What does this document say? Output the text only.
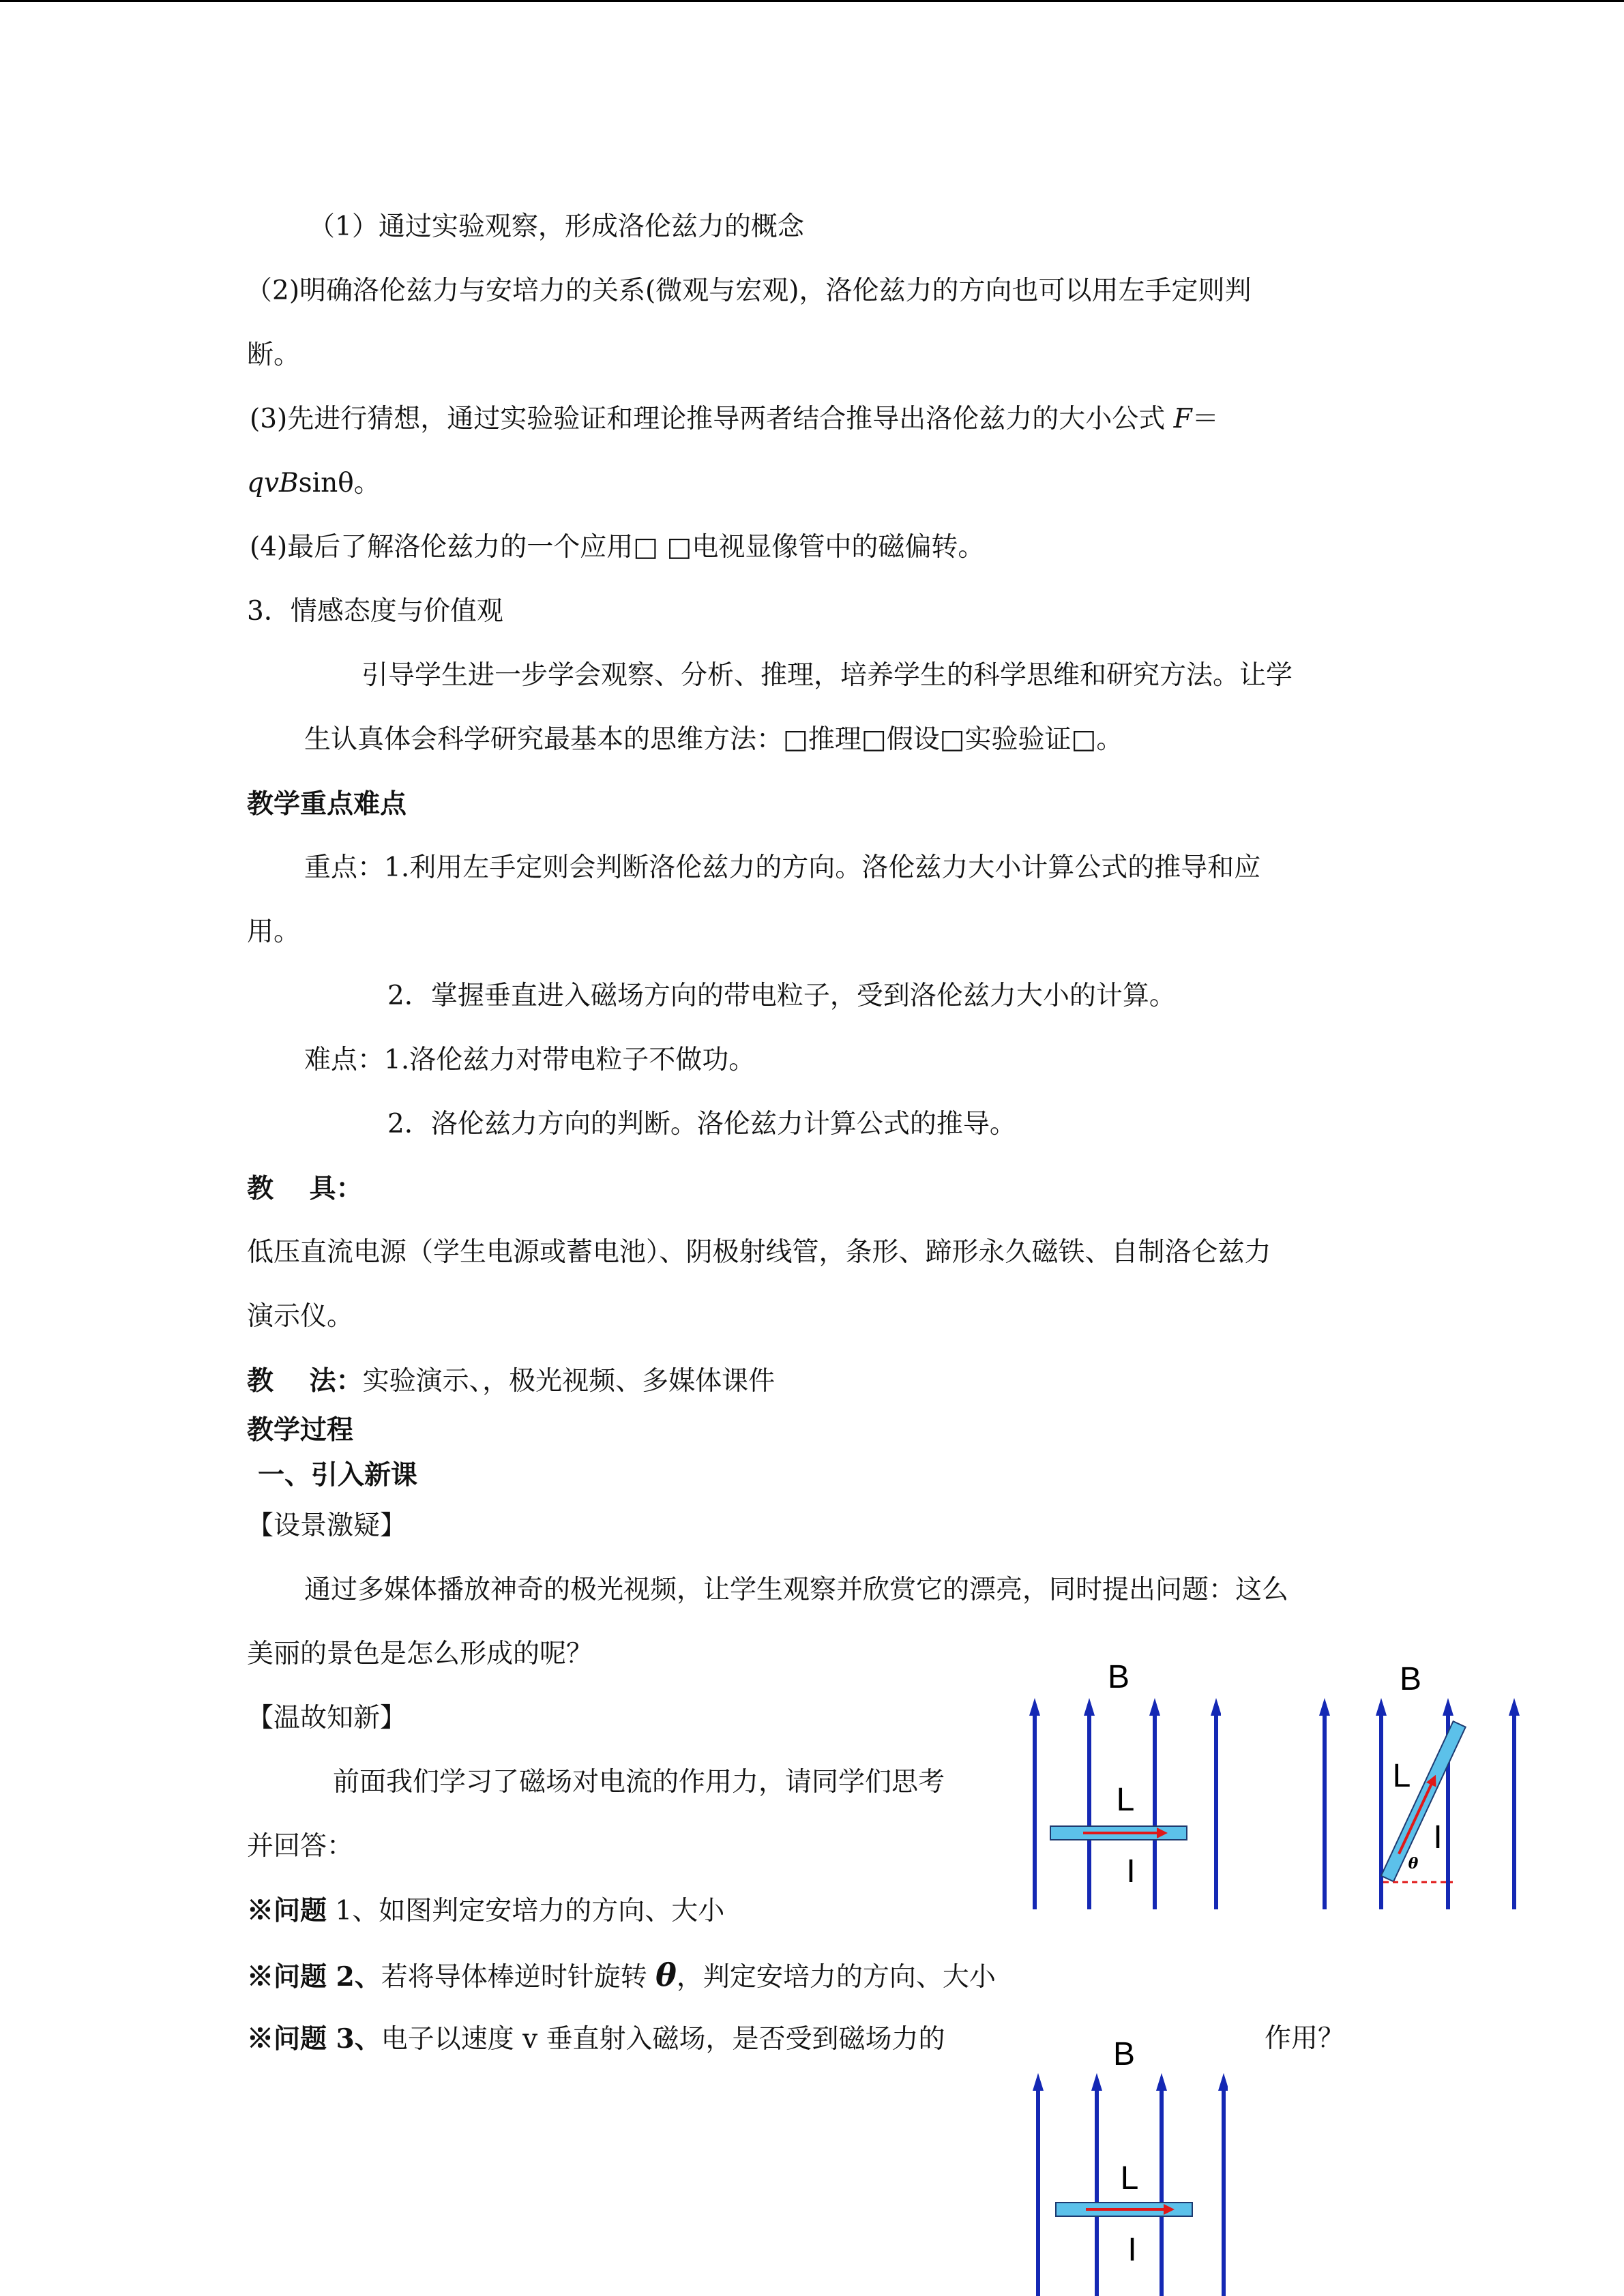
（1）通过实验观察，形成洛伦兹力的概念
（2)明确洛伦兹力与安培力的关系(微观与宏观)，洛伦兹力的方向也可以用左手定则判
断。
(3)先进行猜想，通过实验验证和理论推导两者结合推导出洛伦兹力的大小公式 F＝
qvBsinθ。
(4)最后了解洛伦兹力的一个应用□ □电视显像管中的磁偏转。
3．情感态度与价值观
引导学生进一步学会观察、分析、推理，培养学生的科学思维和研究方法。让学
生认真体会科学研究最基本的思维方法：□推理□假设□实验验证□。
教学重点难点
重点：1.利用左手定则会判断洛伦兹力的方向。洛伦兹力大小计算公式的推导和应
用。
2．掌握垂直进入磁场方向的带电粒子，受到洛伦兹力大小的计算。
难点：1.洛伦兹力对带电粒子不做功。
2．洛伦兹力方向的判断。洛伦兹力计算公式的推导。
教　 具：
低压直流电源（学生电源或蓄电池）、阴极射线管，条形、蹄形永久磁铁、自制洛仑兹力
演示仪。
教　 法：实验演示、，极光视频、多媒体课件
教学过程
一、引入新课
【设景激疑】
通过多媒体播放神奇的极光视频，让学生观察并欣赏它的漂亮，同时提出问题：这么
美丽的景色是怎么形成的呢？
【温故知新】
前面我们学习了磁场对电流的作用力，请同学们思考
并回答：
※问题 1、如图判定安培力的方向、大小
※问题 2、若将导体棒逆时针旋转 θ，判定安培力的方向、大小
※问题 3、电子以速度 v 垂直射入磁场，是否受到磁场力的	作用？
B
L
I
B
L
I
θ
B
L
I
